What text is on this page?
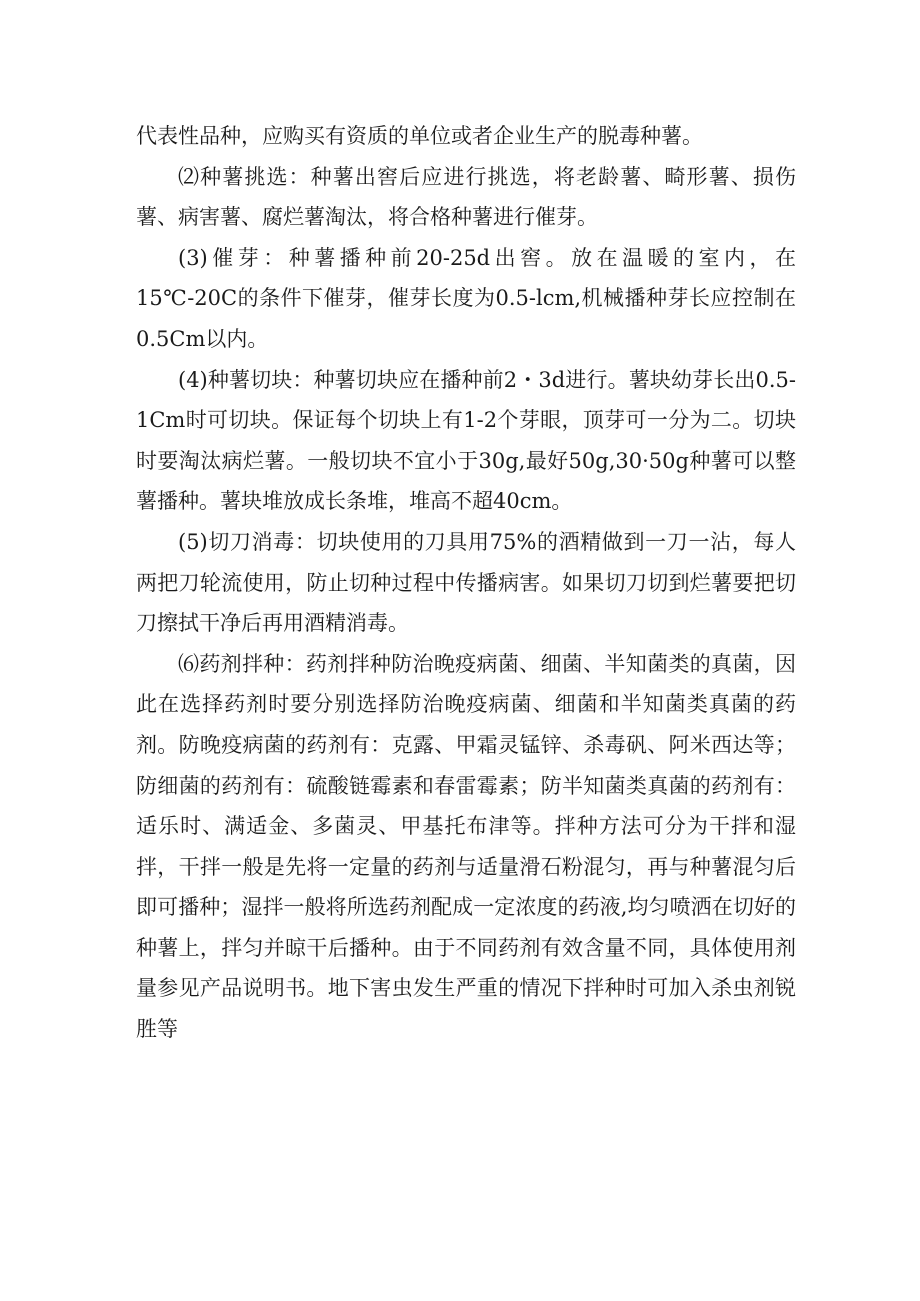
代表性品种，应购买有资质的单位或者企业生产的脱毒种薯。

⑵种薯挑选：种薯出窖后应进行挑选，将老龄薯、畸形薯、损伤薯、病害薯、腐烂薯淘汰，将合格种薯进行催芽。

(3)催芽：种薯播种前20-25d出窖。放在温暖的室内，在15℃-20C的条件下催芽，催芽长度为0.5-lcm,机械播种芽长应控制在0.5Cm以内。

(4)种薯切块：种薯切块应在播种前2・3d进行。薯块幼芽长出0.5-1Cm时可切块。保证每个切块上有1-2个芽眼，顶芽可一分为二。切块时要淘汰病烂薯。一般切块不宜小于30g,最好50g,30·50g种薯可以整薯播种。薯块堆放成长条堆，堆高不超40cm。

(5)切刀消毒：切块使用的刀具用75%的酒精做到一刀一沾，每人两把刀轮流使用，防止切种过程中传播病害。如果切刀切到烂薯要把切刀擦拭干净后再用酒精消毒。

⑹药剂拌种：药剂拌种防治晚疫病菌、细菌、半知菌类的真菌，因此在选择药剂时要分别选择防治晚疫病菌、细菌和半知菌类真菌的药剂。防晚疫病菌的药剂有：克露、甲霜灵锰锌、杀毒矾、阿米西达等；防细菌的药剂有：硫酸链霉素和春雷霉素；防半知菌类真菌的药剂有：适乐时、满适金、多菌灵、甲基托布津等。拌种方法可分为干拌和湿拌，干拌一般是先将一定量的药剂与适量滑石粉混匀，再与种薯混匀后即可播种；湿拌一般将所选药剂配成一定浓度的药液,均匀喷洒在切好的种薯上，拌匀并晾干后播种。由于不同药剂有效含量不同，具体使用剂量参见产品说明书。地下害虫发生严重的情况下拌种时可加入杀虫剂锐胜等
